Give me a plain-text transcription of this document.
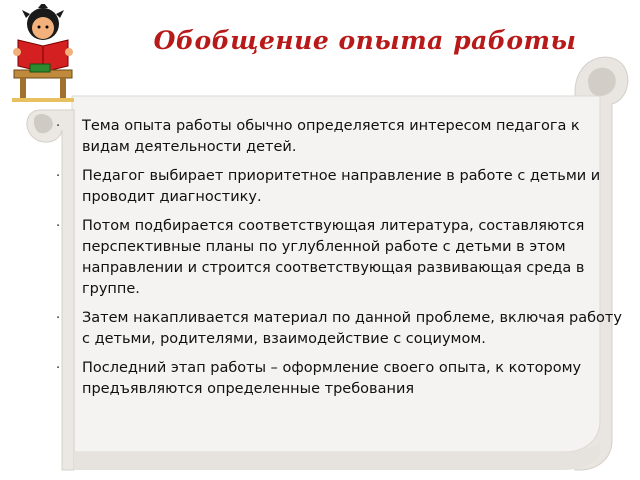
Обобщение опыта работы
· Тема опыта работы обычно определяется интересом педагога к видам деятельности детей.
· Педагог выбирает приоритетное направление в работе с детьми и проводит диагностику.
· Потом подбирается соответствующая литература, составляются перспективные планы по углубленной работе с детьми в этом направлении и строится соответствующая развивающая среда в группе.
· Затем накапливается материал по данной проблеме, включая работу с детьми, родителями, взаимодействие с социумом.
· Последний этап работы – оформление своего опыта, к которому предъявляются определенные требования
